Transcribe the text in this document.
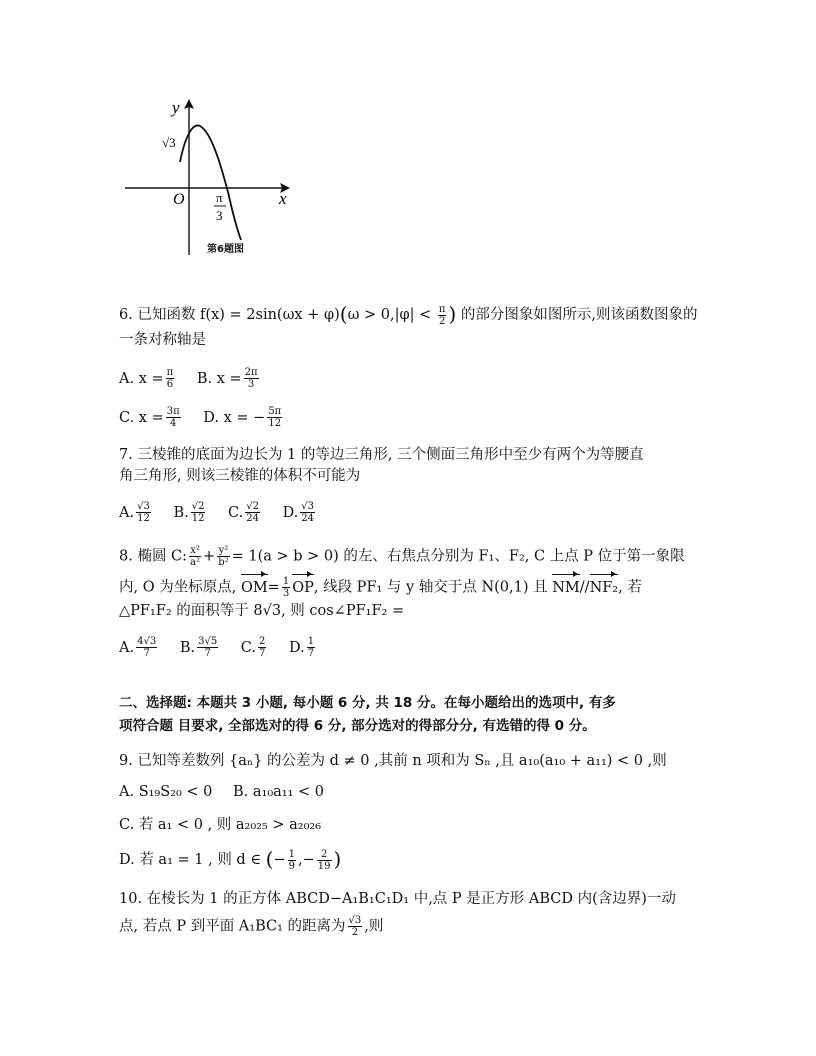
y
x
O
√3
π
3
第6题图
6. 已知函数 $f(x) = 2\sin(\omega x + \varphi)(\omega > 0,|\varphi| < \frac{\pi}{2}$ ) 的部分图象如图所示,则该函数图象的
一条对称轴是
A. $x = \frac{\pi}{6} B$. $x = \frac{2\pi}{3}$
C. $x = \frac{3\pi}{4} D$. x = − $\frac{5\pi}{12}$
7. 三棱锥的底面为边长为 1 的等边三角形, 三个侧面三角形中至少有两个为等腰直
角三角形, 则该三棱锥的体积不可能为
A. $\frac{√3}{12} B$. $\frac{√2}{12} C$. $\frac{√2}{24} D$. $\frac{√3}{24}$
8. 椭圆 C: $\frac{\text{x²}}{\text{a²}} + \frac{\text{y²}}{\text{b²}} = 1(a > b > 0)$ 的左、右焦点分别为 F₁、F₂, C 上点 P 位于第一象限
内, O 为坐标原点, $OM= \frac{1}{3}$ OP, 线段 PF₁ 与 y 轴交于点 N(0,1) 且 NM//NF₂, 若
△PF₁F₂ 的面积等于 8√3, 则 cos∠PF₁F₂ =
A. $\frac{4√3}{7} B$. $\frac{3√5}{7} C$. $\frac{2}{7} D$. $\frac{1}{7}$
二、选择题: 本题共 3 小题, 每小题 6 分, 共 18 分。在每小题给出的选项中, 有多
项符合题 目要求, 全部选对的得 6 分, 部分选对的得部分分, 有选错的得 0 分。
9. 已知等差数列 {aₙ} 的公差为 d ≠ 0 ,其前 n 项和为 Sₙ ,且 a₁₀(a₁₀ + a₁₁) < 0 ,则
A. S₁₉S₂₀ < 0 B. a₁₀a₁₁ < 0
C. 若 a₁ < 0 , 则 a₂₀₂₅ > a₂₀₂₆
D. 若 a₁ = 1 , 则 d ∈ (− $\frac{1}{9}$ ,− $\frac{2}{19}$ )
10. 在棱长为 1 的正方体 ABCD−A₁B₁C₁D₁ 中,点 P 是正方形 ABCD 内(含边界)一动
点, 若点 P 到平面 A₁BC₁ 的距离为 $\frac{√3}{2}$ ,则
